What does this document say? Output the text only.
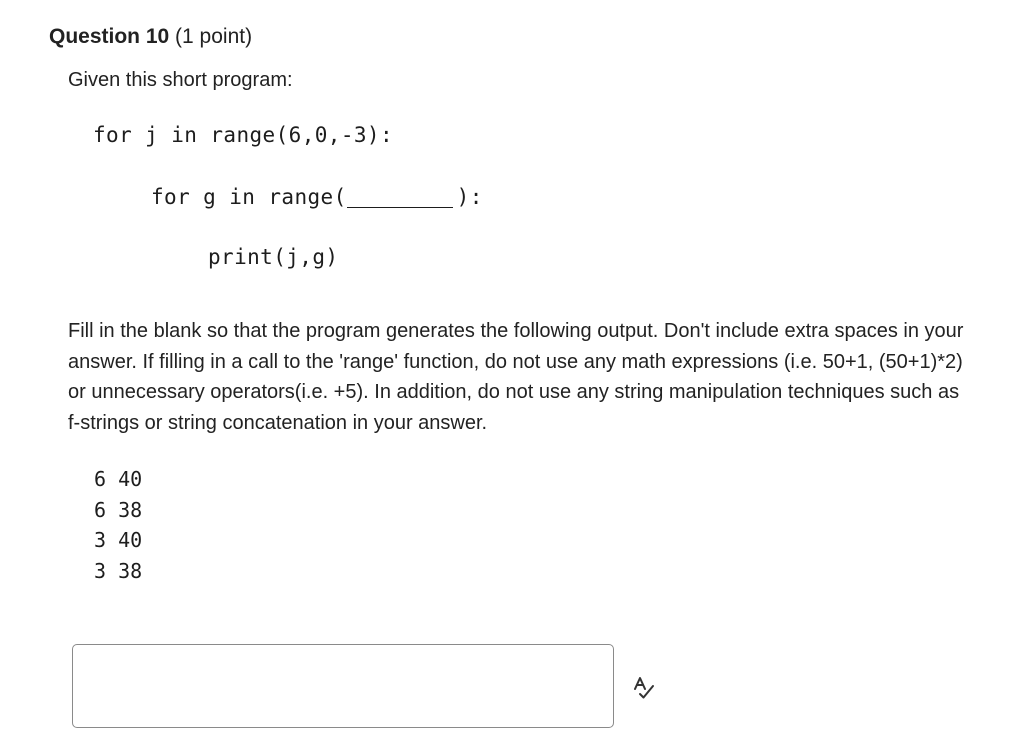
Question 10 (1 point)
Given this short program:
for j in range(6,0,-3):
for g in range(	):
print(j,g)
Fill in the blank so that the program generates the following output. Don't include extra spaces in your answer. If filling in a call to the 'range' function, do not use any math expressions (i.e. 50+1, (50+1)*2) or unnecessary operators(i.e. +5). In addition, do not use any string manipulation techniques such as f-strings or string concatenation in your answer.
6 40
6 38
3 40
3 38
